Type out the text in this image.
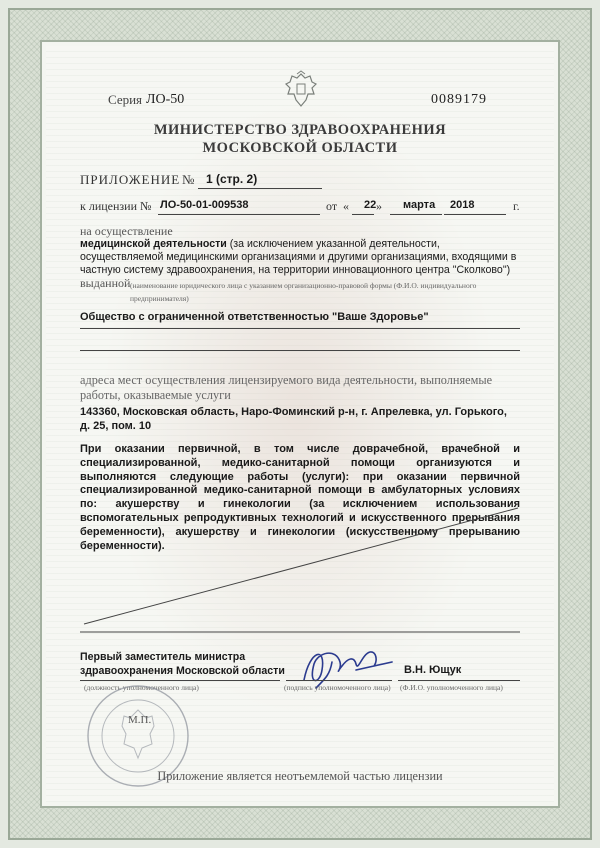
Серия ЛО-50	0089179
МИНИСТЕРСТВО ЗДРАВООХРАНЕНИЯ
МОСКОВСКОЙ ОБЛАСТИ
ПРИЛОЖЕНИЕ № 1 (стр. 2)
к лицензии № ЛО-50-01-009538	от « 22 » марта 2018	г.
на осуществление
медицинской деятельности (за исключением указанной деятельности, осуществляемой медицинскими организациями и другими организациями, входящими в частную систему здравоохранения, на территории инновационного центра "Сколково")
выданной (наименование юридического лица с указанием организационно-правовой формы (Ф.И.О. индивидуального предпринимателя)
Общество с ограниченной ответственностью "Ваше Здоровье"
адреса мест осуществления лицензируемого вида деятельности, выполняемые работы, оказываемые услуги
143360, Московская область, Наро-Фоминский р-н, г. Апрелевка, ул. Горького,
д. 25, пом. 10
При оказании первичной, в том числе доврачебной, врачебной и специализированной, медико-санитарной помощи организуются и выполняются следующие работы (услуги): при оказании первичной специализированной медико-санитарной помощи в амбулаторных условиях по: акушерству и гинекологии (за исключением использования вспомогательных репродуктивных технологий и искусственного прерывания беременности), акушерству и гинекологии (искусственному прерыванию беременности).
Первый заместитель министра
здравоохранения Московской области	В.Н. Ющук
(должность уполномоченного лица)	(подпись уполномоченного лица) (Ф.И.О. уполномоченного лица)
М.П.
Приложение является неотъемлемой частью лицензии
